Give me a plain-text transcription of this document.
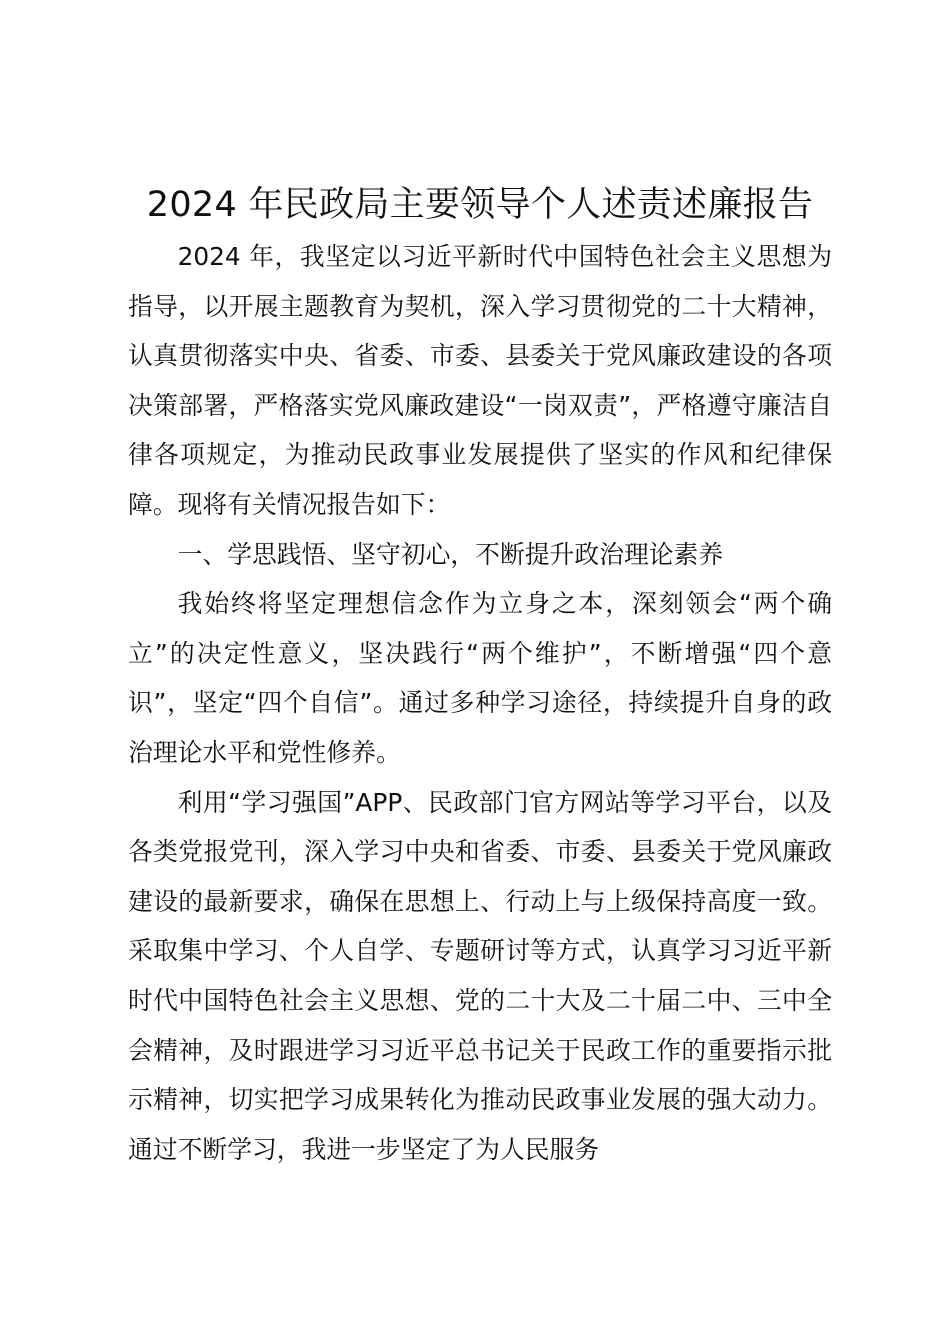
2024 年民政局主要领导个人述责述廉报告

2024 年，我坚定以习近平新时代中国特色社会主义思想为指导，以开展主题教育为契机，深入学习贯彻党的二十大精神，认真贯彻落实中央、省委、市委、县委关于党风廉政建设的各项决策部署，严格落实党风廉政建设“一岗双责”，严格遵守廉洁自律各项规定，为推动民政事业发展提供了坚实的作风和纪律保障。现将有关情况报告如下：

一、学思践悟、坚守初心，不断提升政治理论素养

我始终将坚定理想信念作为立身之本，深刻领会“两个确立”的决定性意义，坚决践行“两个维护”，不断增强“四个意识”，坚定“四个自信”。通过多种学习途径，持续提升自身的政治理论水平和党性修养。

利用“学习强国”APP、民政部门官方网站等学习平台，以及各类党报党刊，深入学习中央和省委、市委、县委关于党风廉政建设的最新要求，确保在思想上、行动上与上级保持高度一致。采取集中学习、个人自学、专题研讨等方式，认真学习习近平新时代中国特色社会主义思想、党的二十大及二十届二中、三中全会精神，及时跟进学习习近平总书记关于民政工作的重要指示批示精神，切实把学习成果转化为推动民政事业发展的强大动力。通过不断学习，我进一步坚定了为人民服务
